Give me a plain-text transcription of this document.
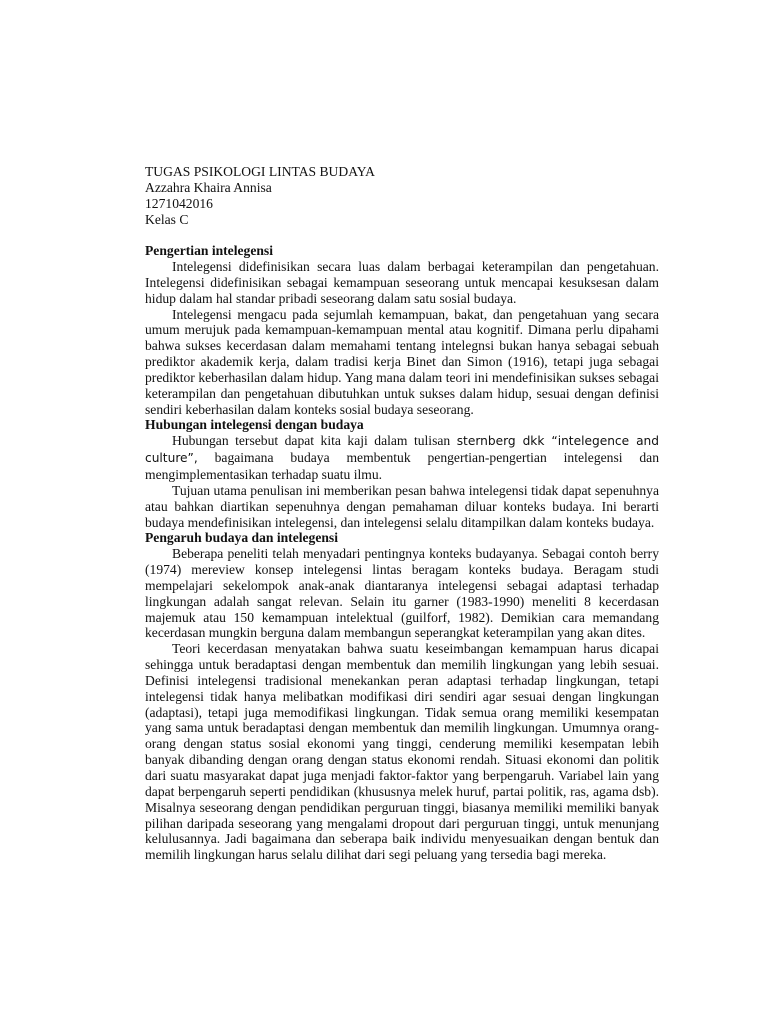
TUGAS PSIKOLOGI LINTAS BUDAYA

Azzahra Khaira Annisa

1271042016

Kelas C

Pengertian intelegensi

Intelegensi didefinisikan secara luas dalam berbagai keterampilan dan pengetahuan. Intelegensi didefinisikan sebagai kemampuan seseorang untuk mencapai kesuksesan dalam hidup dalam hal standar pribadi seseorang dalam satu sosial budaya.

Intelegensi mengacu pada sejumlah kemampuan, bakat, dan pengetahuan yang secara umum merujuk pada kemampuan-kemampuan mental atau kognitif. Dimana perlu dipahami bahwa sukses kecerdasan dalam memahami tentang intelegnsi bukan hanya sebagai sebuah prediktor akademik kerja, dalam tradisi kerja Binet dan Simon (1916), tetapi juga sebagai prediktor keberhasilan dalam hidup. Yang mana dalam teori ini mendefinisikan sukses sebagai keterampilan dan pengetahuan dibutuhkan untuk sukses dalam hidup, sesuai dengan definisi sendiri keberhasilan dalam konteks sosial budaya seseorang.

Hubungan intelegensi dengan budaya

Hubungan tersebut dapat kita kaji dalam tulisan sternberg dkk “intelegence and culture”, bagaimana budaya membentuk pengertian-pengertian intelegensi dan mengimplementasikan terhadap suatu ilmu.

Tujuan utama penulisan ini memberikan pesan bahwa intelegensi tidak dapat sepenuhnya atau bahkan diartikan sepenuhnya dengan pemahaman diluar konteks budaya. Ini berarti budaya mendefinisikan intelegensi, dan intelegensi selalu ditampilkan dalam konteks budaya.

Pengaruh budaya dan intelegensi

Beberapa peneliti telah menyadari pentingnya konteks budayanya. Sebagai contoh berry (1974) mereview konsep intelegensi lintas beragam konteks budaya. Beragam studi mempelajari sekelompok anak-anak diantaranya intelegensi sebagai adaptasi terhadap lingkungan adalah sangat relevan. Selain itu garner (1983-1990) meneliti 8 kecerdasan majemuk atau 150 kemampuan intelektual (guilforf, 1982). Demikian cara memandang kecerdasan mungkin berguna dalam membangun seperangkat keterampilan yang akan dites.

Teori kecerdasan menyatakan bahwa suatu keseimbangan kemampuan harus dicapai sehingga untuk beradaptasi dengan membentuk dan memilih lingkungan yang lebih sesuai. Definisi intelegensi tradisional menekankan peran adaptasi terhadap lingkungan, tetapi intelegensi tidak hanya melibatkan modifikasi diri sendiri agar sesuai dengan lingkungan (adaptasi), tetapi juga memodifikasi lingkungan. Tidak semua orang memiliki kesempatan yang sama untuk beradaptasi dengan membentuk dan memilih lingkungan. Umumnya orang-orang dengan status sosial ekonomi yang tinggi, cenderung memiliki kesempatan lebih banyak dibanding dengan orang dengan status ekonomi rendah. Situasi ekonomi dan politik dari suatu masyarakat dapat juga menjadi faktor-faktor yang berpengaruh. Variabel lain yang dapat berpengaruh seperti pendidikan (khususnya melek huruf, partai politik, ras, agama dsb). Misalnya seseorang dengan pendidikan perguruan tinggi, biasanya memiliki memiliki banyak pilihan daripada seseorang yang mengalami dropout dari perguruan tinggi, untuk menunjang kelulusannya. Jadi bagaimana dan seberapa baik individu menyesuaikan dengan bentuk dan memilih lingkungan harus selalu dilihat dari segi peluang yang tersedia bagi mereka.
